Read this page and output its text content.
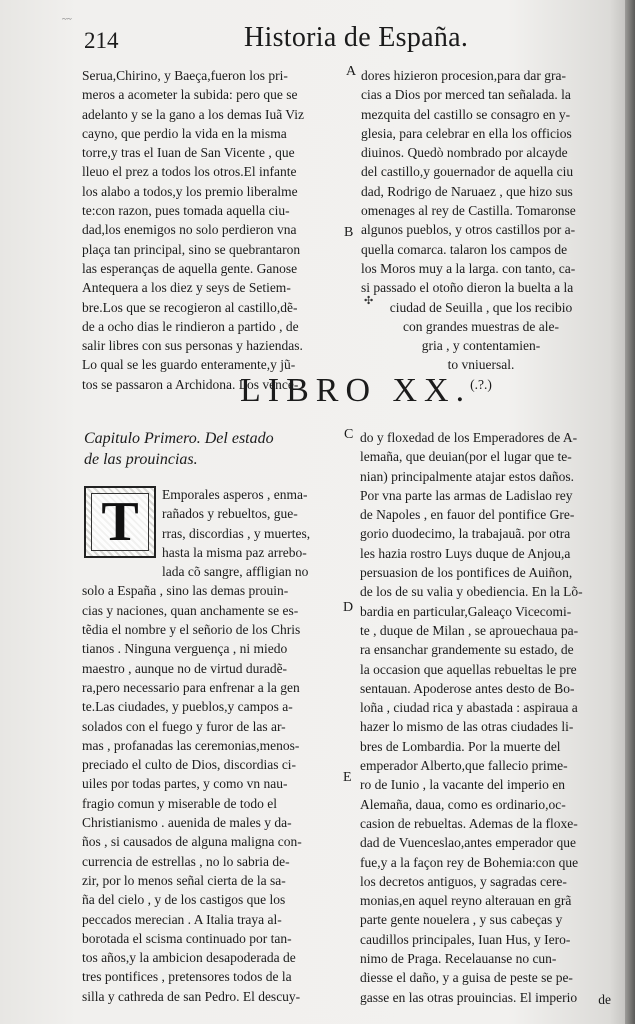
~~
214	Historia de España.
Serua,Chirino, y Baeça,fueron los pri-
meros a acometer la subida: pero que se
adelanto y se la gano a los demas Iuã Viz
cayno, que perdio la vida en la misma
torre,y tras el Iuan de San Vicente , que
lleuo el prez a todos los otros.El infante
los alabo a todos,y los premio liberalme
te:con razon, pues tomada aquella ciu-
dad,los enemigos no solo perdieron vna
plaça tan principal, sino se quebrantaron
las esperanças de aquella gente. Ganose
Antequera a los diez y seys de Setiem-
bre.Los que se recogieron al castillo,dẽ-
de a ocho dias le rindieron a partido , de
salir libres con sus personas y haziendas.
Lo qual se les guardo enteramente,y jũ-
tos se passaron a Archidona. Los vence-
dores hizieron procesion,para dar gra-
cias a Dios por merced tan señalada. la
mezquita del castillo se consagro en y-
glesia, para celebrar en ella los officios
diuinos. Quedò nombrado por alcayde
del castillo,y gouernador de aquella ciu
dad, Rodrigo de Naruaez , que hizo sus
omenages al rey de Castilla. Tomaronse
algunos pueblos, y otros castillos por a-
quella comarca. talaron los campos de
los Moros muy a la larga. con tanto, ca-
si passado el otoño dieron la buelta a la
ciudad de Seuilla , que los recibio
con grandes muestras de ale-
gria , y contentamien-
to vniuersal.
(.?.)
✣
A
B
C
D
E
LIBRO XX.
Capitulo Primero. Del estado
de las prouincias.
T	Emporales asperos , enma-
rañados y rebueltos, gue-
rras, discordias , y muertes,
hasta la misma paz arrebo-
lada cõ sangre, affligian no
solo a España , sino las demas prouin-
cias y naciones, quan anchamente se es-
tẽdia el nombre y el señorio de los Chris
tianos . Ninguna verguença , ni miedo
maestro , aunque no de virtud duradẽ-
ra,pero necessario para enfrenar a la gen
te.Las ciudades, y pueblos,y campos a-
solados con el fuego y furor de las ar-
mas , profanadas las ceremonias,menos-
preciado el culto de Dios, discordias ci-
uiles por todas partes, y como vn nau-
fragio comun y miserable de todo el
Christianismo . auenida de males y da-
ños , si causados de alguna maligna con-
currencia de estrellas , no lo sabria de-
zir, por lo menos señal cierta de la sa-
ña del cielo , y de los castigos que los
peccados merecian . A Italia traya al-
borotada el scisma continuado por tan-
tos años,y la ambicion desapoderada de
tres pontifices , pretensores todos de la
silla y cathreda de san Pedro. El descuy-
do y floxedad de los Emperadores de A-
lemaña, que deuian(por el lugar que te-
nian) principalmente atajar estos daños.
Por vna parte las armas de Ladislao rey
de Napoles , en fauor del pontifice Gre-
gorio duodecimo, la trabajauã. por otra
les hazia rostro Luys duque de Anjou,a
persuasion de los pontifices de Auiñon,
de los de su valia y obediencia. En la Lõ-
bardia en particular,Galeaço Vicecomi-
te , duque de Milan , se aprouechaua pa-
ra ensanchar grandemente su estado, de
la occasion que aquellas rebueltas le pre
sentauan. Apoderose antes desto de Bo-
loña , ciudad rica y abastada : aspiraua a
hazer lo mismo de las otras ciudades li-
bres de Lombardia. Por la muerte del
emperador Alberto,que fallecio prime-
ro de Iunio , la vacante del imperio en
Alemaña, daua, como es ordinario,oc-
casion de rebueltas. Ademas de la floxe-
dad de Vuenceslao,antes emperador que
fue,y a la façon rey de Bohemia:con que
los decretos antiguos, y sagradas cere-
monias,en aquel reyno alterauan en grã
parte gente nouelera , y sus cabeças y
caudillos principales, Iuan Hus, y Iero-
nimo de Praga. Recelauanse no cun-
diesse el daño, y a guisa de peste se pe-
gasse en las otras prouincias. El imperio	de
